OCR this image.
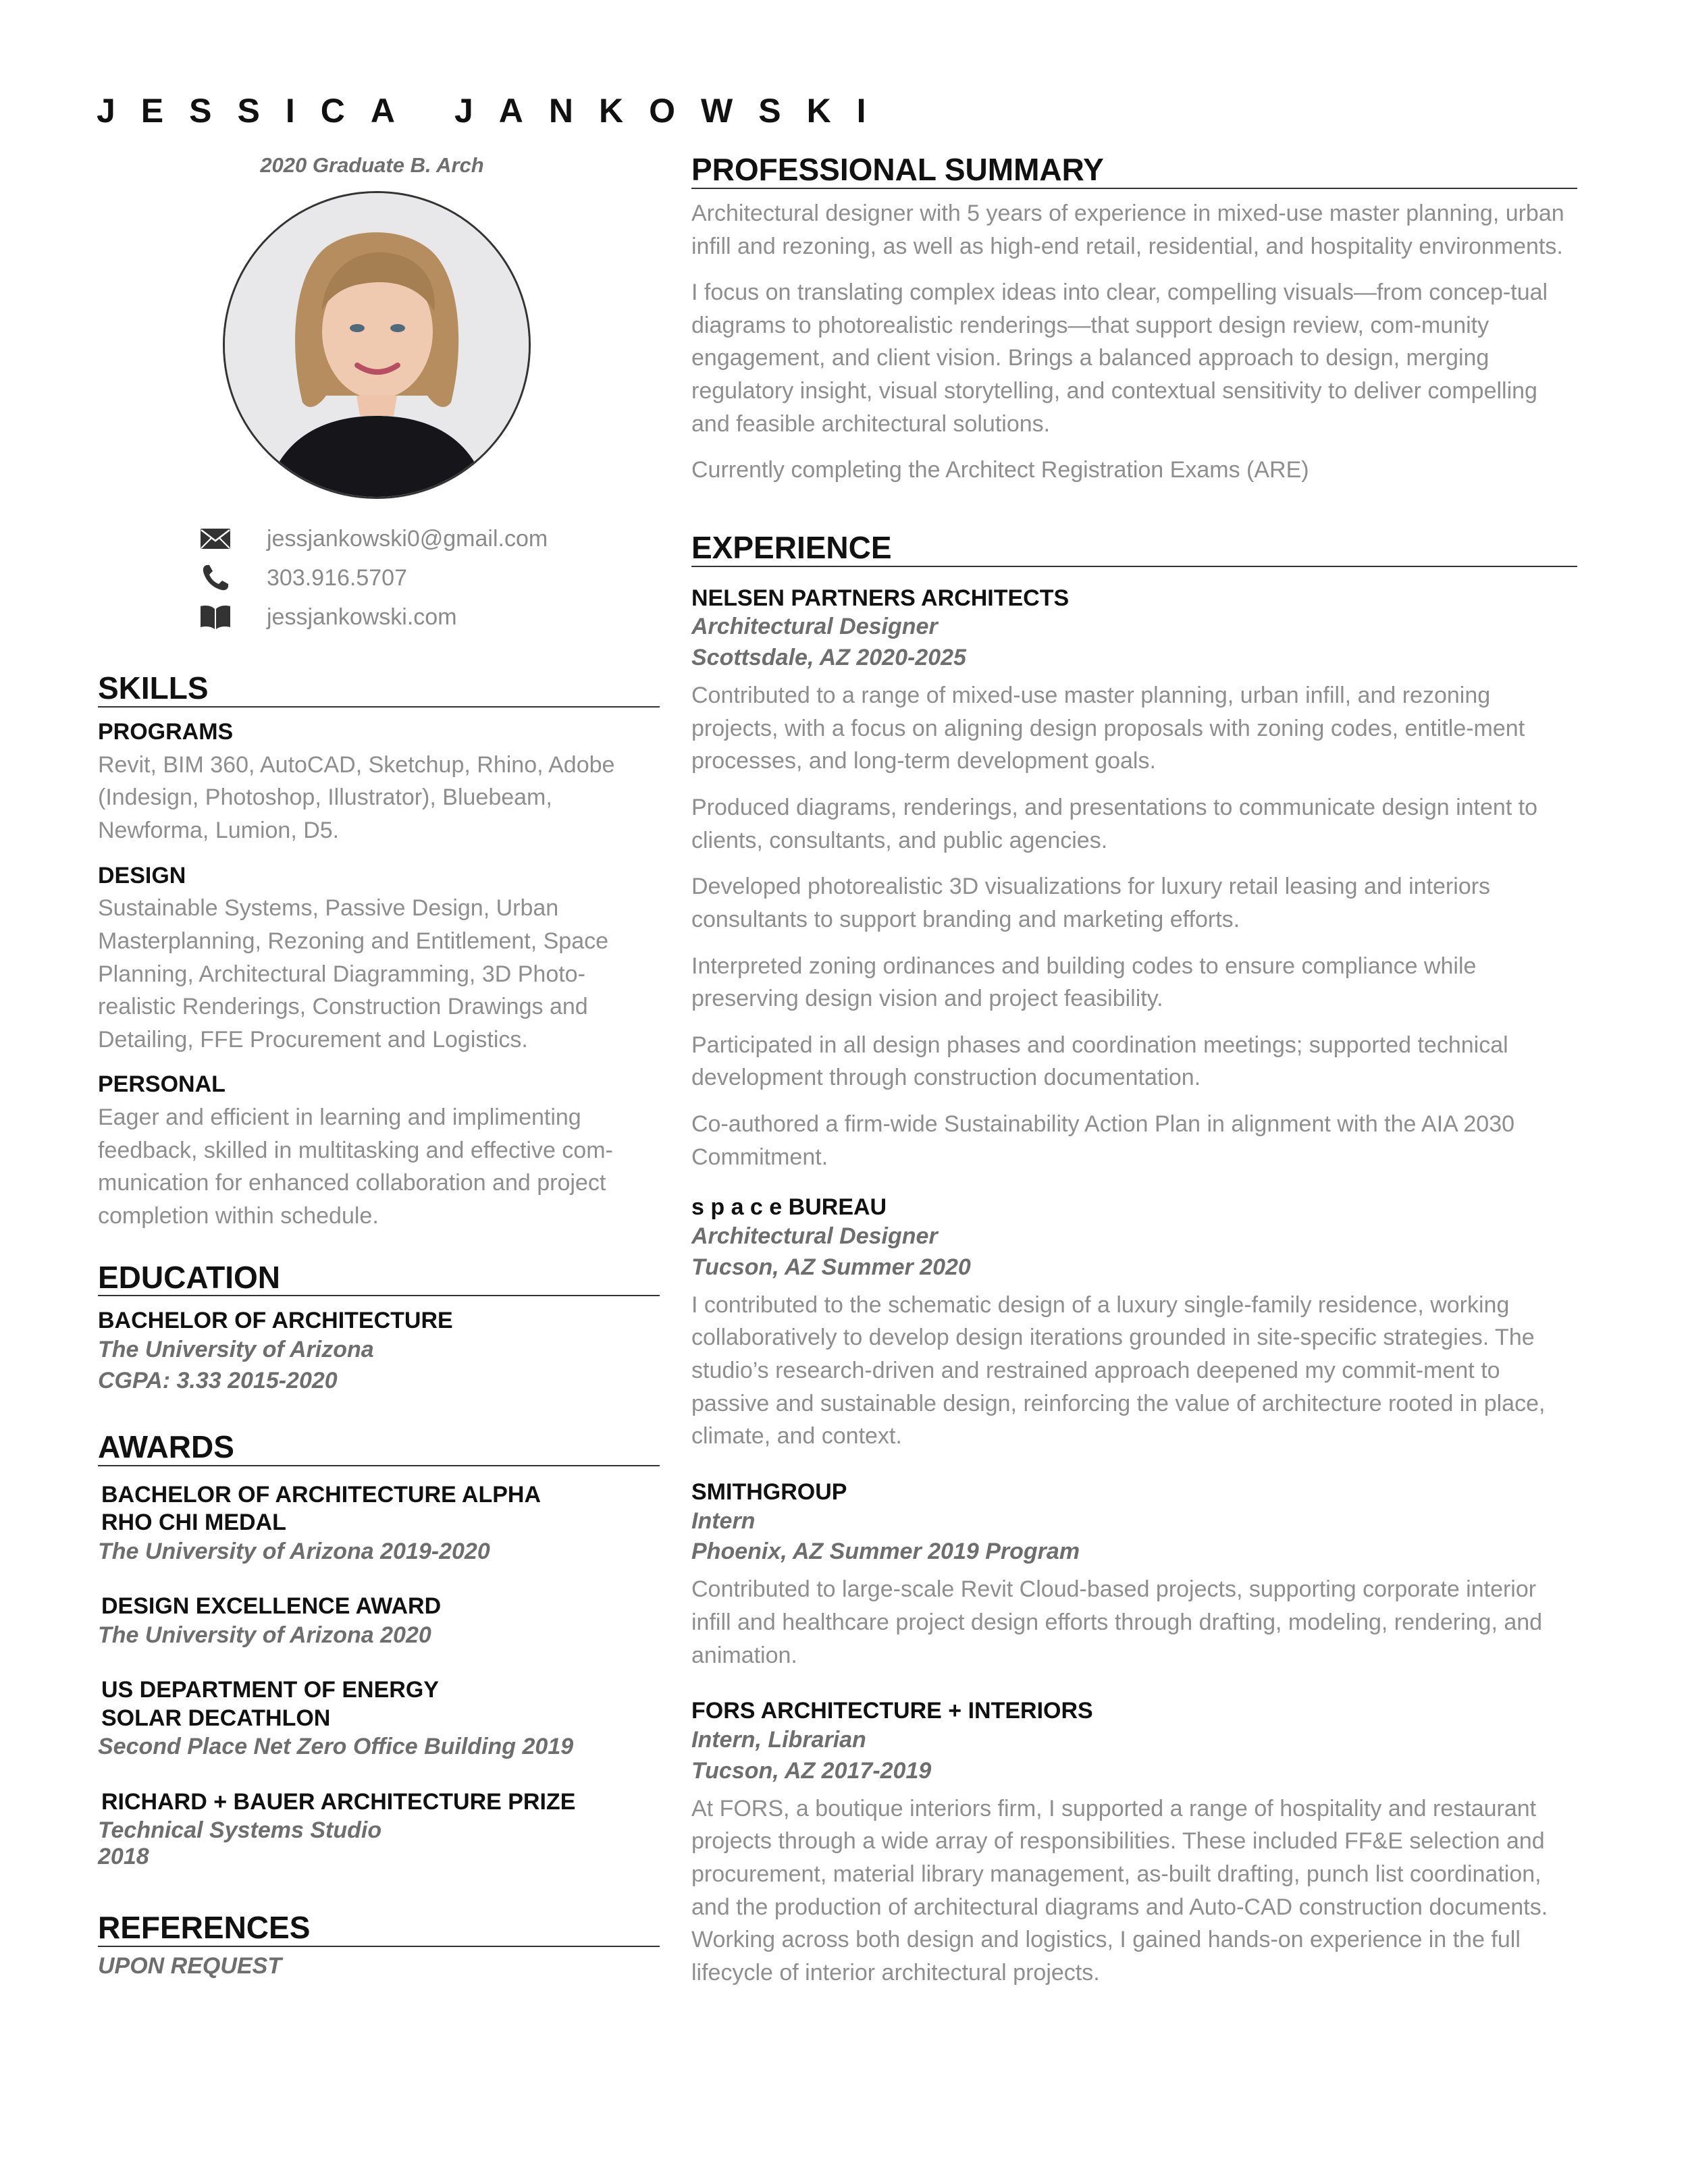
JESSICA JANKOWSKI
2020 Graduate B. Arch
jessjankowski0@gmail.com
303.916.5707
jessjankowski.com
SKILLS
PROGRAMS
Revit, BIM 360, AutoCAD, Sketchup, Rhino, Adobe (Indesign, Photoshop, Illustrator), Bluebeam, Newforma, Lumion, D5.
DESIGN
Sustainable Systems, Passive Design, Urban Masterplanning, Rezoning and Entitlement, Space Planning, Architectural Diagramming, 3D Photo-realistic Renderings, Construction Drawings and Detailing, FFE Procurement and Logistics.
PERSONAL
Eager and efficient in learning and implimenting feedback, skilled in multitasking and effective com-munication for enhanced collaboration and project completion within schedule.
EDUCATION
BACHELOR OF ARCHITECTURE
The University of Arizona
CGPA: 3.33 2015-2020
AWARDS
BACHELOR OF ARCHITECTURE ALPHA
RHO CHI MEDAL
The University of Arizona 2019-2020
DESIGN EXCELLENCE AWARD
The University of Arizona 2020
US DEPARTMENT OF ENERGY
SOLAR DECATHLON
Second Place Net Zero Office Building 2019
RICHARD + BAUER ARCHITECTURE PRIZE
Technical Systems Studio
2018
REFERENCES
UPON REQUEST
PROFESSIONAL SUMMARY
Architectural designer with 5 years of experience in mixed-use master planning, urban infill and rezoning, as well as high-end retail, residential, and hospitality environments.
I focus on translating complex ideas into clear, compelling visuals—from concep-tual diagrams to photorealistic renderings—that support design review, com-munity engagement, and client vision. Brings a balanced approach to design, merging regulatory insight, visual storytelling, and contextual sensitivity to deliver compelling and feasible architectural solutions.
Currently completing the Architect Registration Exams (ARE)
EXPERIENCE
NELSEN PARTNERS ARCHITECTS
Architectural Designer
Scottsdale, AZ 2020-2025
Contributed to a range of mixed-use master planning, urban infill, and rezoning projects, with a focus on aligning design proposals with zoning codes, entitle-ment processes, and long-term development goals.
Produced diagrams, renderings, and presentations to communicate design intent to clients, consultants, and public agencies.
Developed photorealistic 3D visualizations for luxury retail leasing and interiors consultants to support branding and marketing efforts.
Interpreted zoning ordinances and building codes to ensure compliance while preserving design vision and project feasibility.
Participated in all design phases and coordination meetings; supported technical development through construction documentation.
Co-authored a firm-wide Sustainability Action Plan in alignment with the AIA 2030 Commitment.
s p a c e BUREAU
Architectural Designer
Tucson, AZ Summer 2020
I contributed to the schematic design of a luxury single-family residence, working collaboratively to develop design iterations grounded in site-specific strategies. The studio’s research-driven and restrained approach deepened my commit-ment to passive and sustainable design, reinforcing the value of architecture rooted in place, climate, and context.
SMITHGROUP
Intern
Phoenix, AZ Summer 2019 Program
Contributed to large-scale Revit Cloud-based projects, supporting corporate interior infill and healthcare project design efforts through drafting, modeling, rendering, and animation.
FORS ARCHITECTURE + INTERIORS
Intern, Librarian
Tucson, AZ 2017-2019
At FORS, a boutique interiors firm, I supported a range of hospitality and restaurant projects through a wide array of responsibilities. These included FF&E selection and procurement, material library management, as-built drafting, punch list coordination, and the production of architectural diagrams and Auto-CAD construction documents. Working across both design and logistics, I gained hands-on experience in the full lifecycle of interior architectural projects.
